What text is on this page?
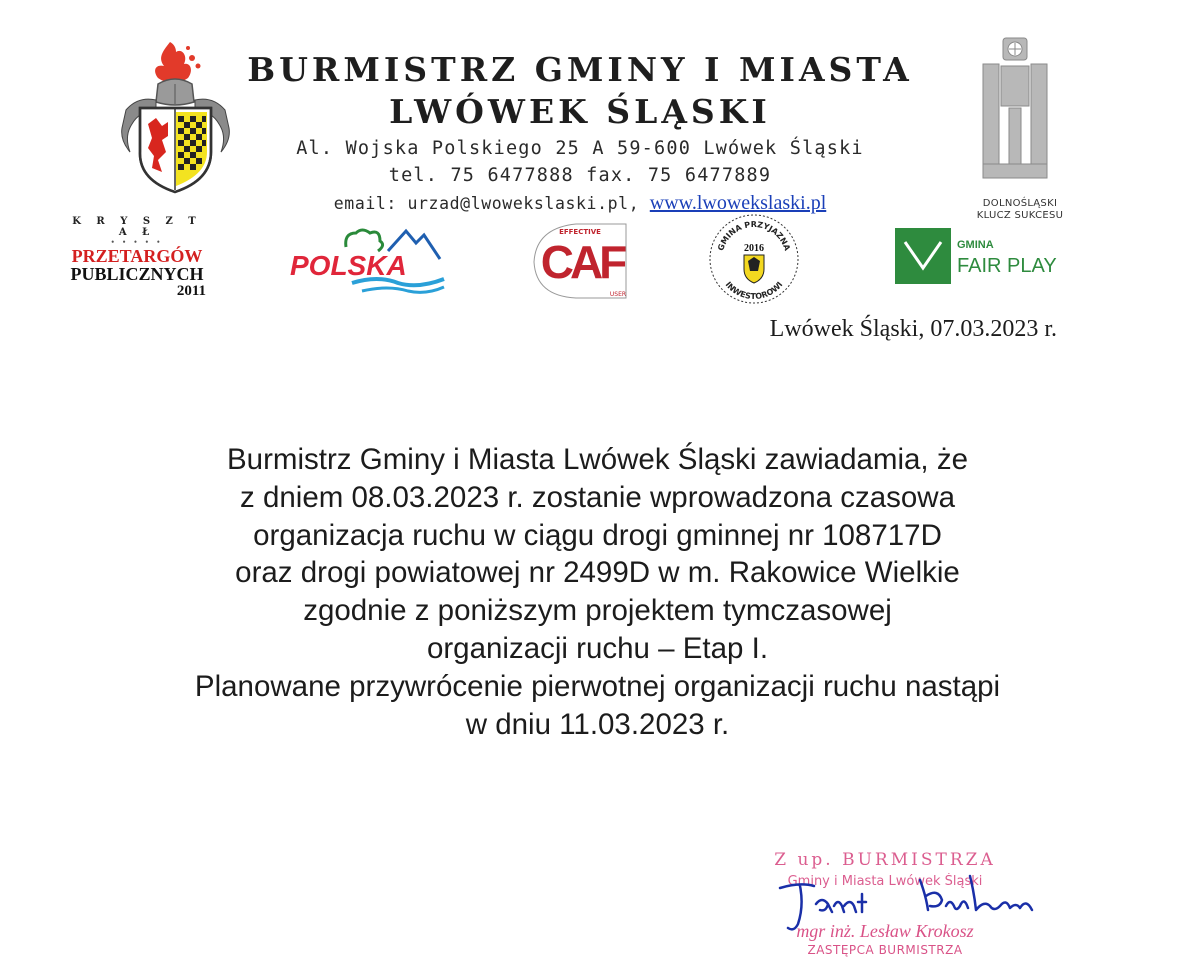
BURMISTRZ GMINY I MIASTA
LWÓWEK ŚLĄSKI
Al. Wojska Polskiego 25 A 59-600 Lwówek Śląski
tel. 75 6477888 fax. 75 6477889
email: urzad@lwowekslaski.pl, www.lwowekslaski.pl	DOLNOŚLĄSKI
KLUCZ SUKCESU
K R Y S Z T A Ł
• • • • •
PRZETARGÓW
PUBLICZNYCH
2011
POLSKA
EFFECTIVE
CAF
USER
GMINA PRZYJAZNA
INWESTOROWI
2016	GMINA
FAIR PLAY
Lwówek Śląski, 07.03.2023 r.
Burmistrz Gminy i Miasta Lwówek Śląski zawiadamia, że
z dniem 08.03.2023 r. zostanie wprowadzona czasowa
organizacja ruchu w ciągu drogi gminnej nr 108717D
oraz drogi powiatowej nr 2499D w m. Rakowice Wielkie
zgodnie z poniższym projektem tymczasowej
organizacji ruchu – Etap I.
Planowane przywrócenie pierwotnej organizacji ruchu nastąpi
w dniu 11.03.2023 r.
Z up. BURMISTRZA
Gminy i Miasta Lwówek Śląski
mgr inż. Lesław Krokosz
ZASTĘPCA BURMISTRZA
